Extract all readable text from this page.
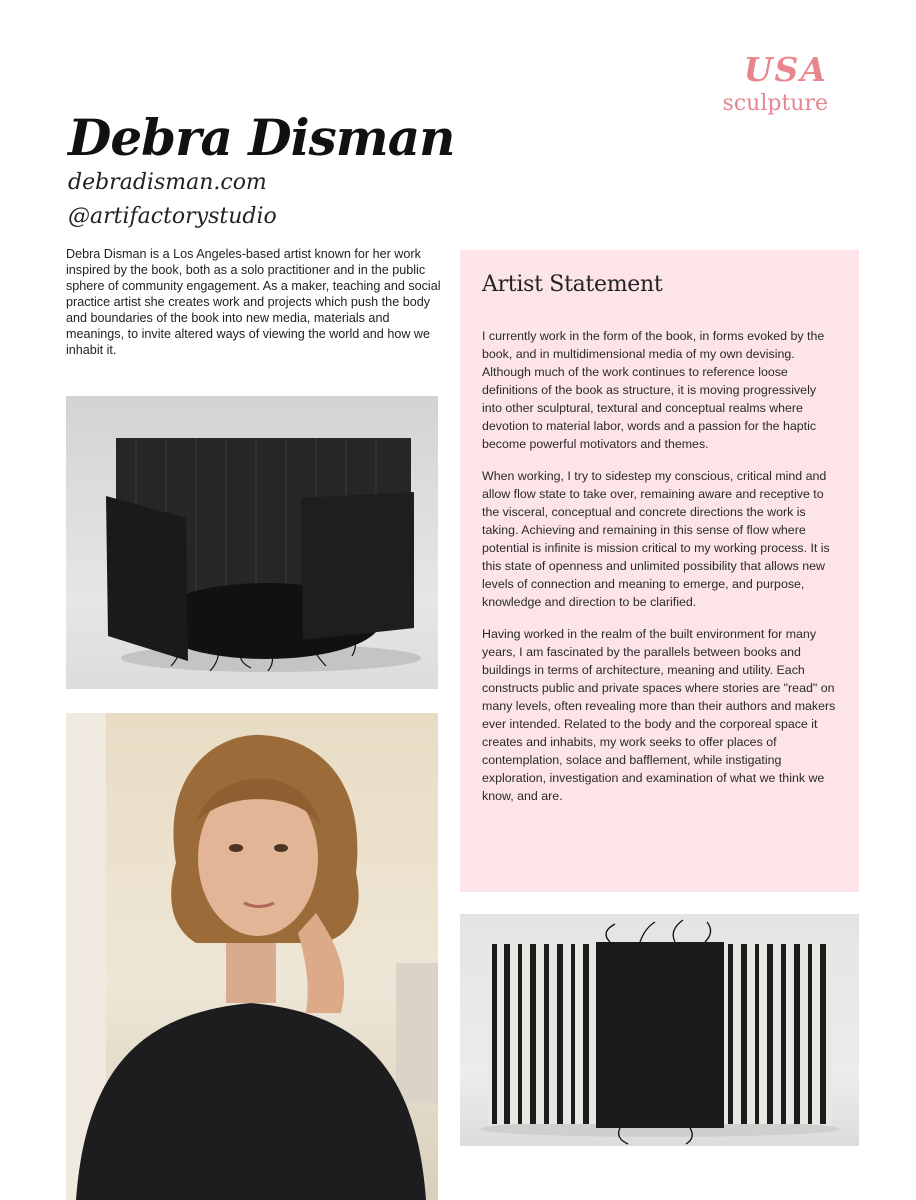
USA
sculpture
Debra Disman
debradisman.com
@artifactorystudio

Debra Disman is a Los Angeles-based artist known for her work inspired by the book, both as a solo practitioner and in the public sphere of community engagement. As a maker, teaching and social practice artist she creates work and projects which push the body and boundaries of the book into new media, materials and meanings, to invite altered ways of viewing the world and how we inhabit it.

Artist Statement

I currently work in the form of the book, in forms evoked by the book, and in multidimensional media of my own devising. Although much of the work continues to reference loose definitions of the book as structure, it is moving progressively into other sculptural, textural and conceptual realms where devotion to material labor, words and a passion for the haptic become powerful motivators and themes.

When working, I try to sidestep my conscious, critical mind and allow flow state to take over, remaining aware and receptive to the visceral, conceptual and concrete directions the work is taking. Achieving and remaining in this sense of flow where potential is infinite is mission critical to my working process. It is this state of openness and unlimited possibility that allows new levels of connection and meaning to emerge, and purpose, knowledge and direction to be clarified.

Having worked in the realm of the built environment for many years, I am fascinated by the parallels between books and buildings in terms of architecture, meaning and utility. Each constructs public and private spaces where stories are "read" on many levels, often revealing more than their authors and makers ever intended. Related to the body and the corporeal space it creates and inhabits, my work seeks to offer places of contemplation, solace and bafflement, while instigating exploration, investigation and examination of what we think we know, and are.
